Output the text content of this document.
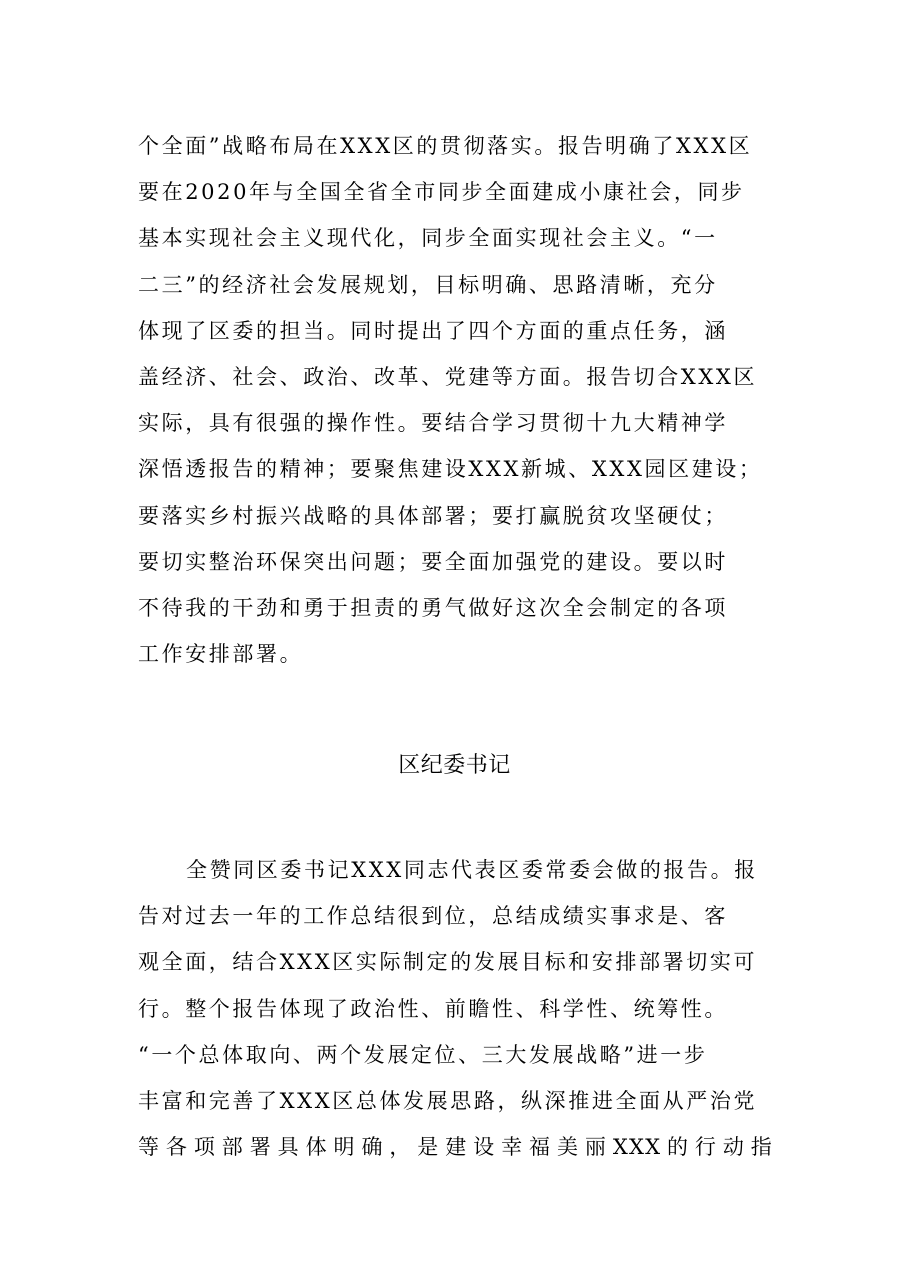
个全面”战略布局在XXX区的贯彻落实。报告明确了XXX区
要在2020年与全国全省全市同步全面建成小康社会，同步
基本实现社会主义现代化，同步全面实现社会主义。“一
二三”的经济社会发展规划，目标明确、思路清晰，充分
体现了区委的担当。同时提出了四个方面的重点任务，涵
盖经济、社会、政治、改革、党建等方面。报告切合XXX区
实际，具有很强的操作性。要结合学习贯彻十九大精神学
深悟透报告的精神；要聚焦建设XXX新城、XXX园区建设；
要落实乡村振兴战略的具体部署；要打赢脱贫攻坚硬仗；
要切实整治环保突出问题；要全面加强党的建设。要以时
不待我的干劲和勇于担责的勇气做好这次全会制定的各项
工作安排部署。
区纪委书记
全赞同区委书记XXX同志代表区委常委会做的报告。报
告对过去一年的工作总结很到位，总结成绩实事求是、客
观全面，结合XXX区实际制定的发展目标和安排部署切实可
行。整个报告体现了政治性、前瞻性、科学性、统筹性。
“一个总体取向、两个发展定位、三大发展战略”进一步
丰富和完善了XXX区总体发展思路，纵深推进全面从严治党
等各项部署具体明确，是建设幸福美丽XXX的行动指
